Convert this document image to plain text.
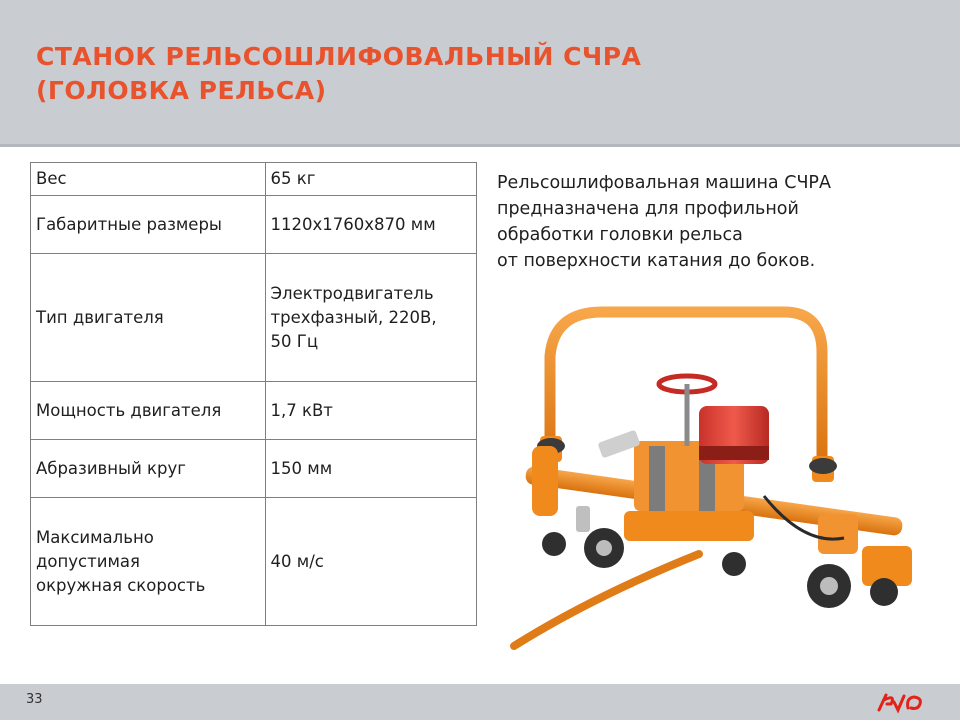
СТАНОК РЕЛЬСОШЛИФОВАЛЬНЫЙ СЧРА
(ГОЛОВКА РЕЛЬСА)
Вес	65 кг
Габаритные размеры	1120х1760х870 мм
Тип двигателя	Электродвигатель
трехфазный, 220В,
50 Гц

Мощность двигателя	1,7 кВт
Абразивный круг	150 мм

Максимально
допустимая
окружная скорость	40 м/с
Рельсошлифовальная машина СЧРА
предназначена для профильной
обработки головки рельса
от поверхности катания до боков.
33
